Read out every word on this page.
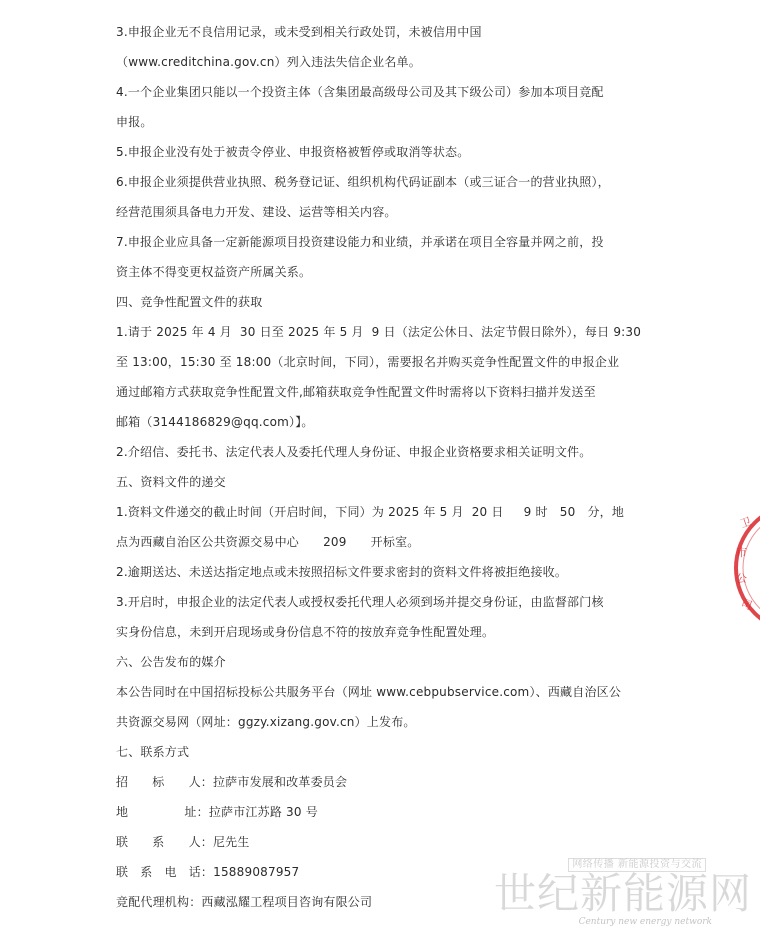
3.申报企业无不良信用记录，或未受到相关行政处罚，未被信用中国
（www.creditchina.gov.cn）列入违法失信企业名单。
4.一个企业集团只能以一个投资主体（含集团最高级母公司及其下级公司）参加本项目竞配
申报。
5.申报企业没有处于被责令停业、申报资格被暂停或取消等状态。
6.申报企业须提供营业执照、税务登记证、组织机构代码证副本（或三证合一的营业执照），
经营范围须具备电力开发、建设、运营等相关内容。
7.申报企业应具备一定新能源项目投资建设能力和业绩，并承诺在项目全容量并网之前，投
资主体不得变更权益资产所属关系。
四、竞争性配置文件的获取
1.请于 2025 年 4 月  30 日至 2025 年 5 月  9 日（法定公休日、法定节假日除外），每日 9:30
至 13:00，15:30 至 18:00（北京时间，下同），需要报名并购买竞争性配置文件的申报企业
通过邮箱方式获取竞争性配置文件,邮箱获取竞争性配置文件时需将以下资料扫描并发送至
邮箱（3144186829@qq.com）】。
2.介绍信、委托书、法定代表人及委托代理人身份证、申报企业资格要求相关证明文件。
五、资料文件的递交
1.资料文件递交的截止时间（开启时间，下同）为 2025 年 5 月  20 日     9 时   50   分，地
点为西藏自治区公共资源交易中心      209      开标室。
2.逾期送达、未送达指定地点或未按照招标文件要求密封的资料文件将被拒绝接收。
3.开启时，申报企业的法定代表人或授权委托代理人必须到场并提交身份证，由监督部门核
实身份信息，未到开启现场或身份信息不符的按放弃竞争性配置处理。
六、公告发布的媒介
本公告同时在中国招标投标公共服务平台（网址 www.cebpubservice.com）、西藏自治区公
共资源交易网（网址：ggzy.xizang.gov.cn）上发布。
七、联系方式
招      标      人：拉萨市发展和改革委员会
地              址：拉萨市江苏路 30 号
联      系      人：尼先生
联   系   电   话：15889087957
竞配代理机构：西藏泓耀工程项目咨询有限公司
卫
市
公
司
网络传播 新能源投资与交流
世纪新能源网
Century new energy network
